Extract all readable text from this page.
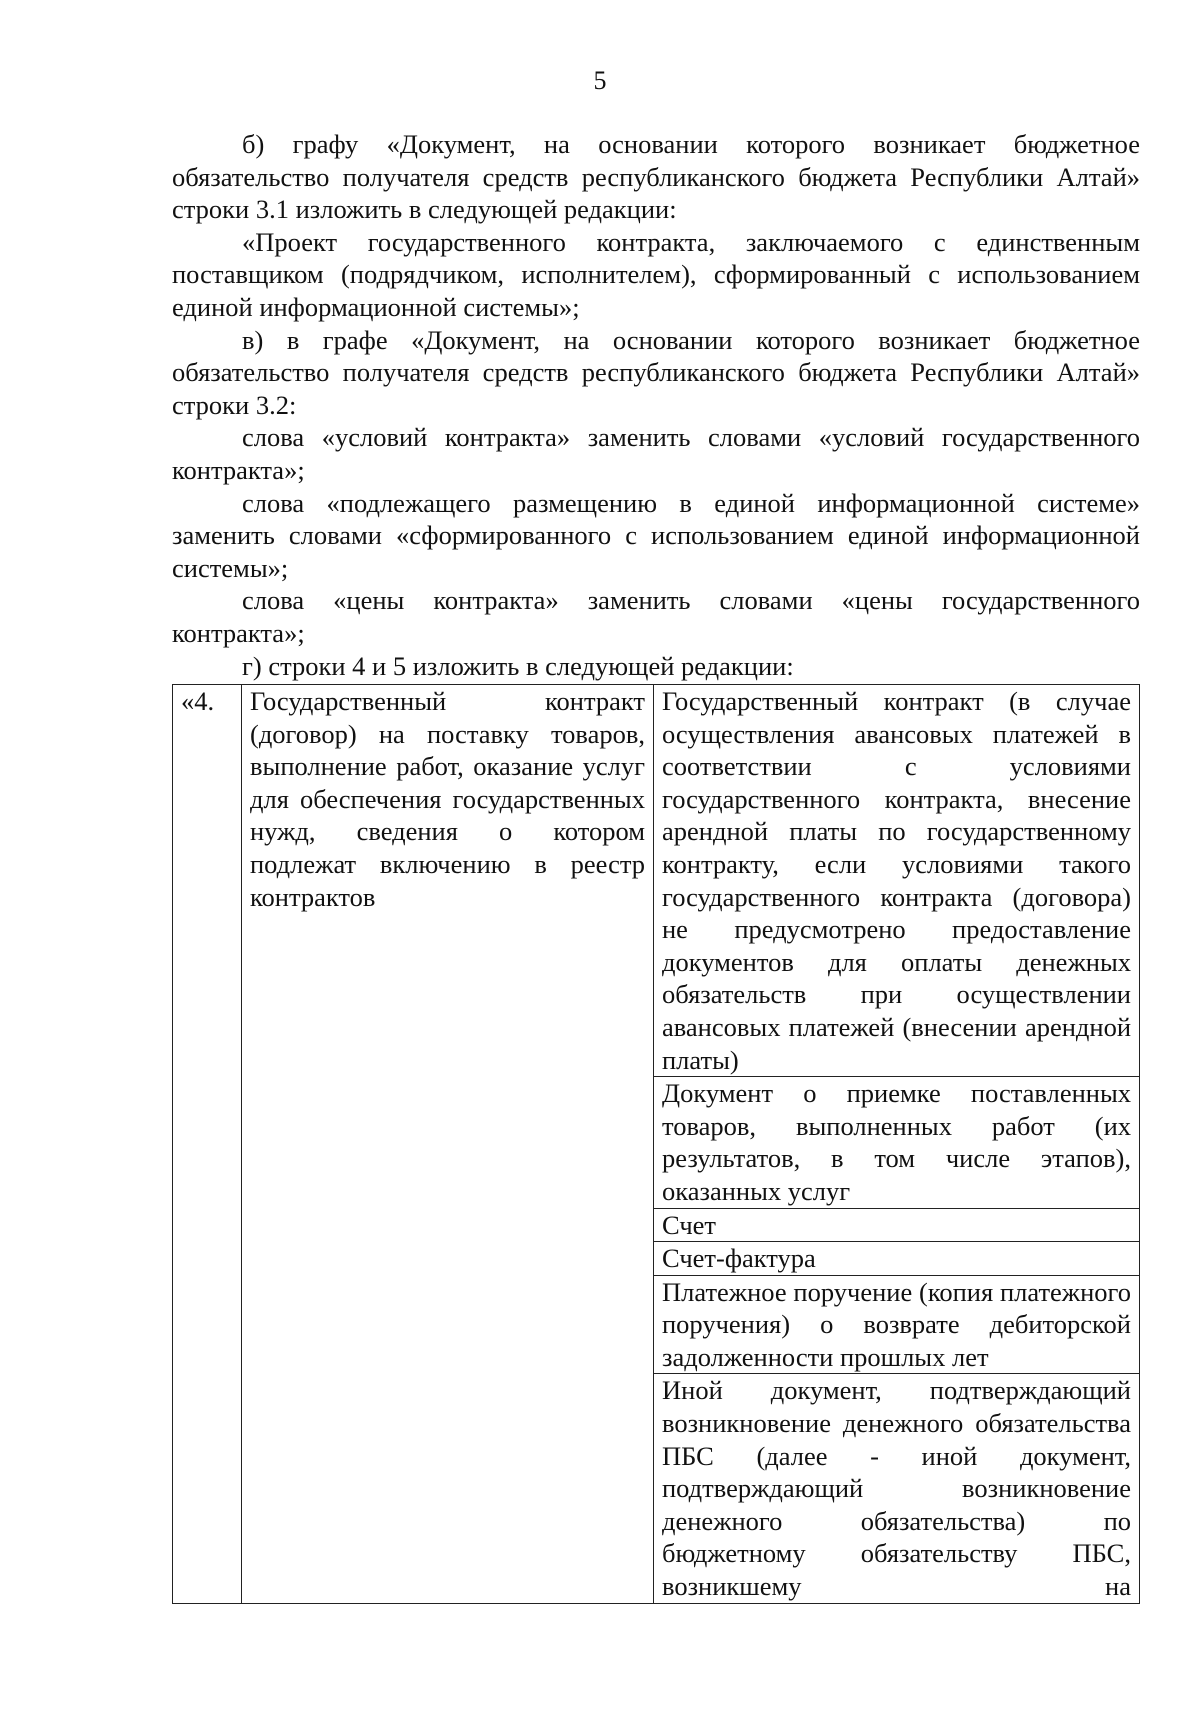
5

б) графу «Документ, на основании которого возникает бюджетное обязательство получателя средств республиканского бюджета Республики Алтай» строки 3.1 изложить в следующей редакции:

«Проект государственного контракта, заключаемого с единственным поставщиком (подрядчиком, исполнителем), сформированный с использованием единой информационной системы»;

в) в графе «Документ, на основании которого возникает бюджетное обязательство получателя средств республиканского бюджета Республики Алтай» строки 3.2:

слова «условий контракта» заменить словами «условий государственного контракта»;

слова «подлежащего размещению в единой информационной системе» заменить словами «сформированного с использованием единой информационной системы»;

слова «цены контракта» заменить словами «цены государственного контракта»;

г) строки 4 и 5 изложить в следующей редакции:

«4.	Государственный контракт (договор) на поставку товаров, выполнение работ, оказание услуг для обеспечения государственных нужд, сведения о котором подлежат включению в реестр контрактов	Государственный контракт (в случае осуществления авансовых платежей в соответствии с условиями государственного контракта, внесение арендной платы по государственному контракту, если условиями такого государственного контракта (договора) не предусмотрено предоставление документов для оплаты денежных обязательств при осуществлении авансовых платежей (внесении арендной платы)
Документ о приемке поставленных товаров, выполненных работ (их результатов, в том числе этапов), оказанных услуг
Счет
Счет-фактура
Платежное поручение (копия платежного поручения) о возврате дебиторской задолженности прошлых лет

Иной документ, подтверждающий возникновение денежного обязательства ПБС (далее - иной документ, подтверждающий возникновение денежного обязательства) по бюджетному обязательству ПБС, возникшему на
